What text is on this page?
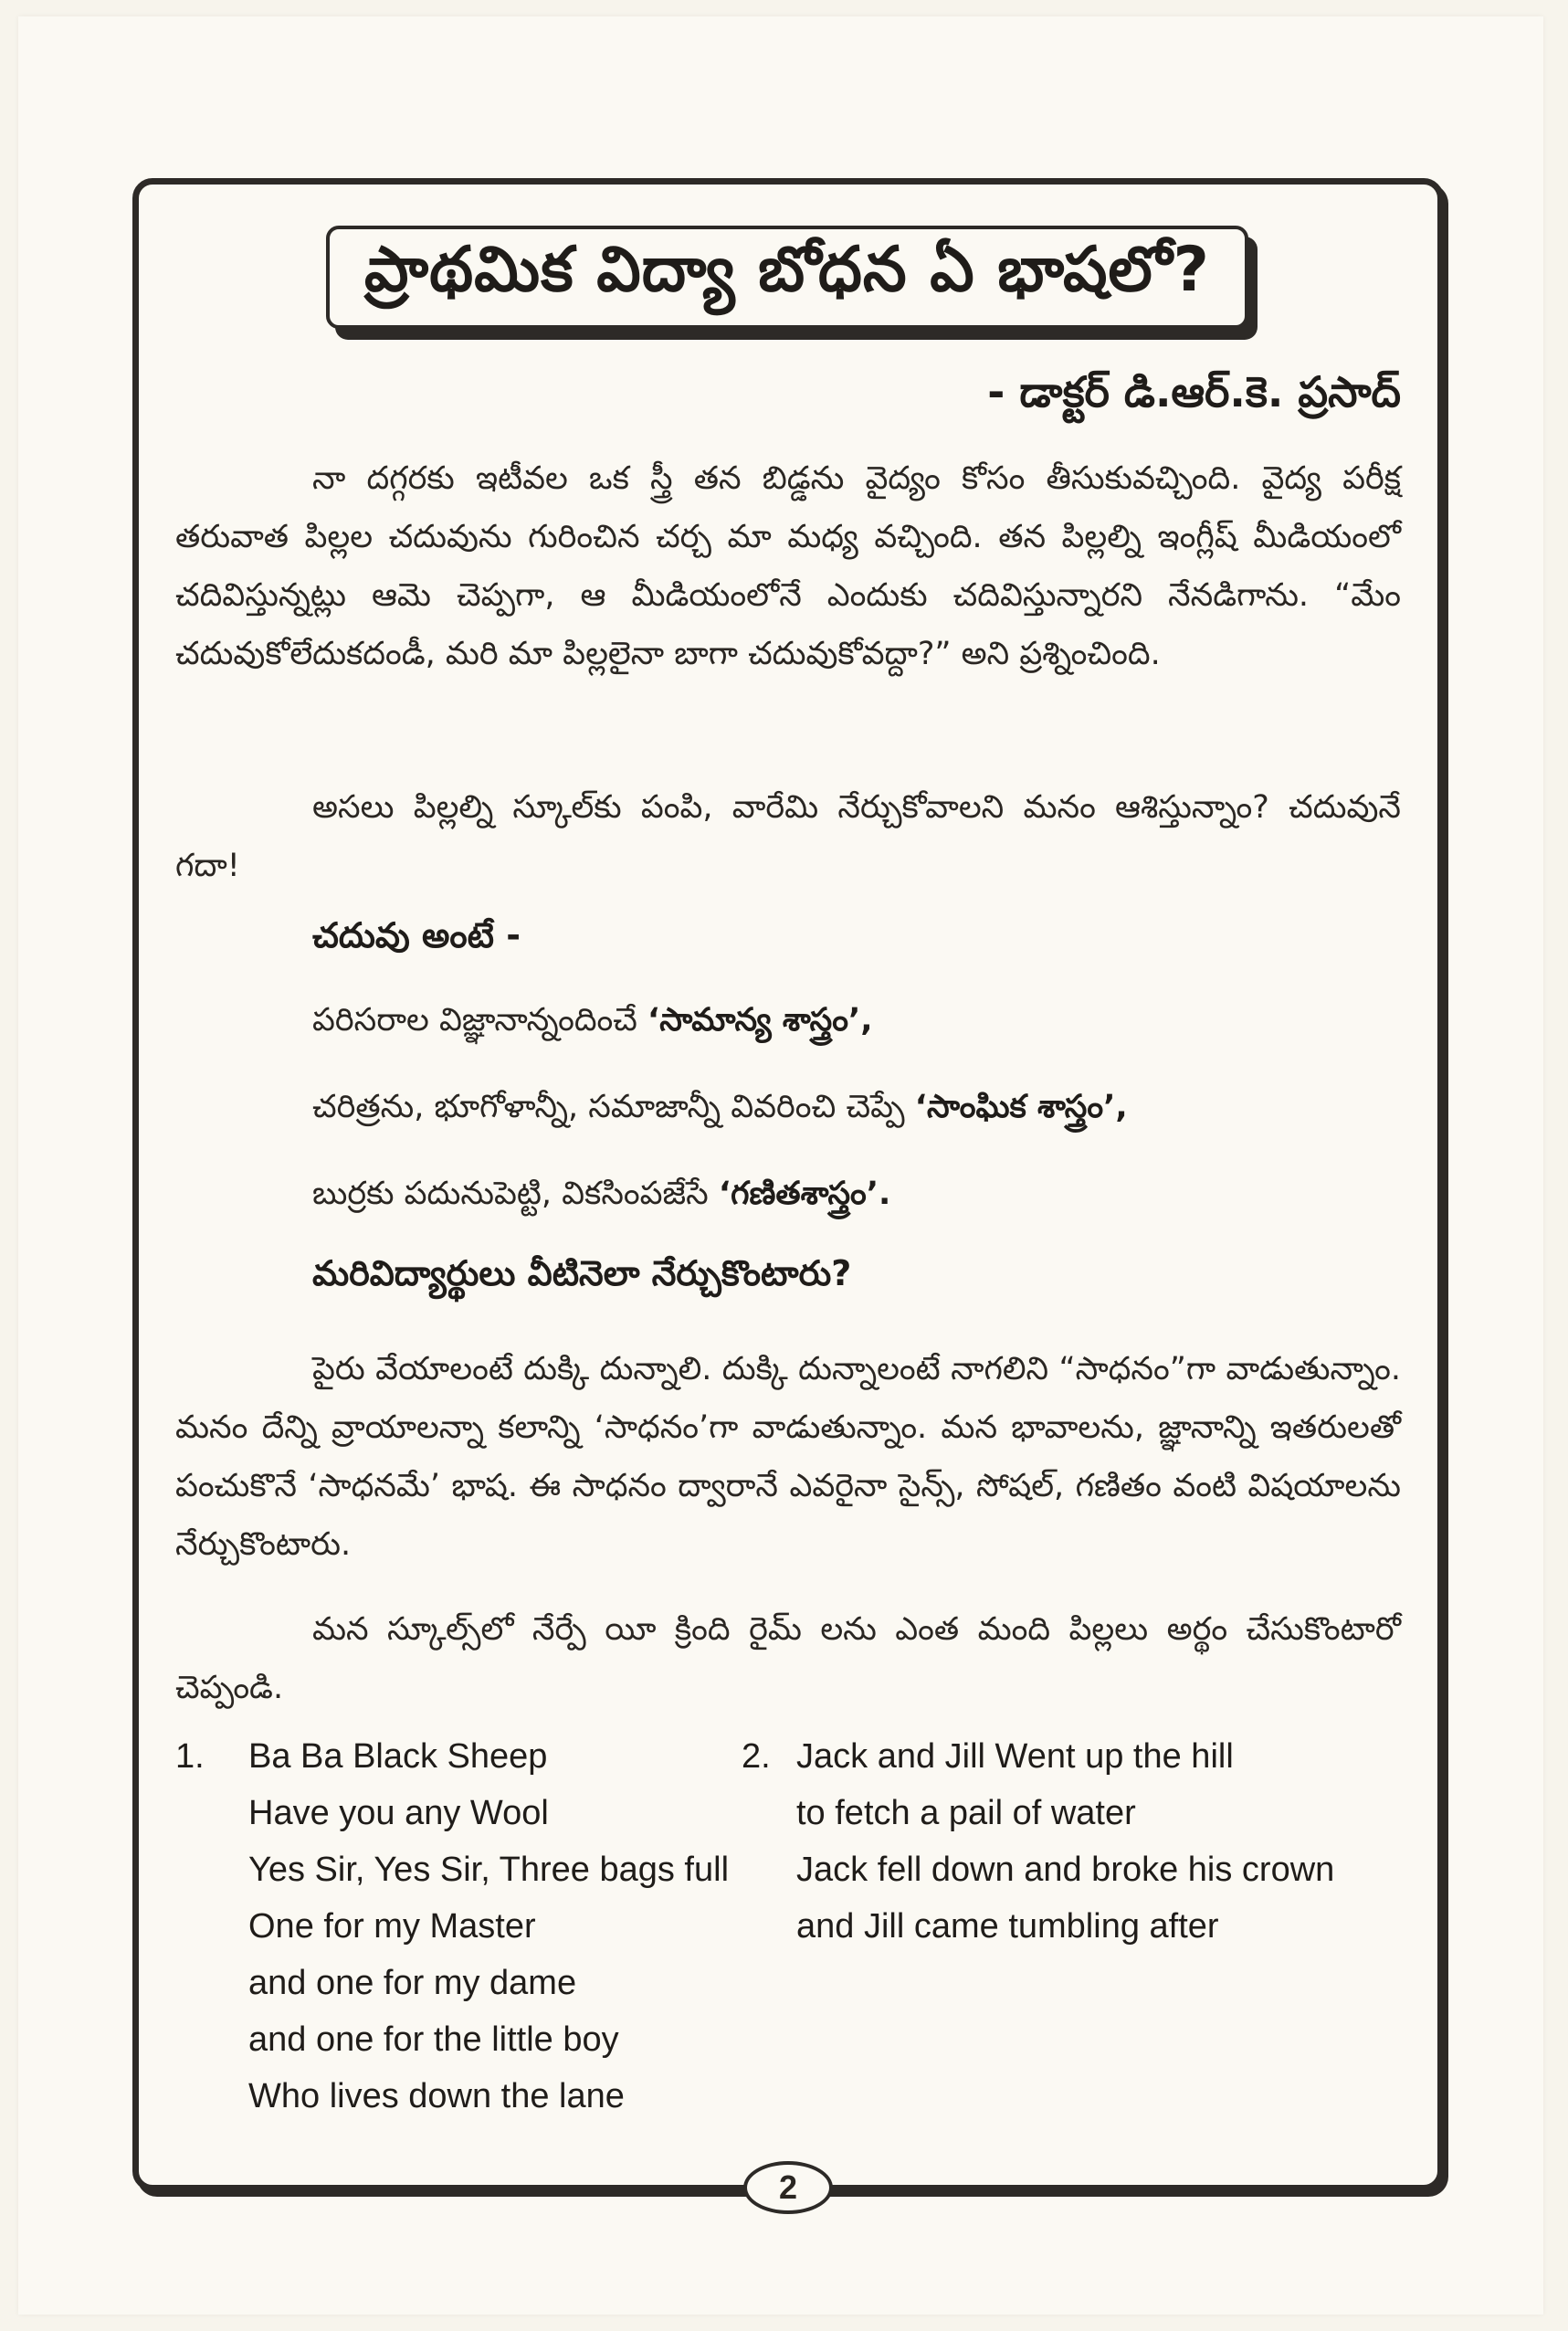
ప్రాథమిక విద్యా బోధన ఏ భాషలో?
- డాక్టర్ డి.ఆర్.కె. ప్రసాద్

నా దగ్గరకు ఇటీవల ఒక స్త్రీ తన బిడ్డను వైద్యం కోసం తీసుకువచ్చింది. వైద్య పరీక్ష తరువాత పిల్లల చదువును గురించిన చర్చ మా మధ్య వచ్చింది. తన పిల్లల్ని ఇంగ్లీష్ మీడియంలో చదివిస్తున్నట్లు ఆమె చెప్పగా, ఆ మీడియంలోనే ఎందుకు చదివిస్తున్నారని నేనడిగాను. “మేం చదువుకోలేదుకదండీ, మరి మా పిల్లలైనా బాగా చదువుకోవద్దా?” అని ప్రశ్నించింది.

అసలు పిల్లల్ని స్కూల్‌కు పంపి, వారేమి నేర్చుకోవాలని మనం ఆశిస్తున్నాం? చదువునే గదా!

చదువు అంటే -
పరిసరాల విజ్ఞానాన్నందించే ‘సామాన్య శాస్త్రం’,
చరిత్రను, భూగోళాన్నీ, సమాజాన్నీ వివరించి చెప్పే ‘సాంఘిక శాస్త్రం’,
బుర్రకు పదునుపెట్టి, వికసింపజేసే ‘గణితశాస్త్రం’.
మరివిద్యార్థులు వీటినెలా నేర్చుకొంటారు?

పైరు వేయాలంటే దుక్కి దున్నాలి. దుక్కి దున్నాలంటే నాగలిని “సాధనం”గా వాడుతున్నాం. మనం దేన్ని వ్రాయాలన్నా కలాన్ని ‘సాధనం’గా వాడుతున్నాం. మన భావాలను, జ్ఞానాన్ని ఇతరులతో పంచుకొనే ‘సాధనమే’ భాష. ఈ సాధనం ద్వారానే ఎవరైనా సైన్స్, సోషల్, గణితం వంటి విషయాలను నేర్చుకొంటారు.

మన స్కూల్స్‌లో నేర్పే యీ క్రింది రైమ్ లను ఎంత మంది పిల్లలు అర్థం చేసుకొంటారో చెప్పండి.

1. Ba Ba Black Sheep
Have you any Wool
Yes Sir, Yes Sir, Three bags full
One for my Master
and one for my dame
and one for the little boy
Who lives down the lane
2. Jack and Jill Went up the hill
to fetch a pail of water
Jack fell down and broke his crown
and Jill came tumbling after
2
